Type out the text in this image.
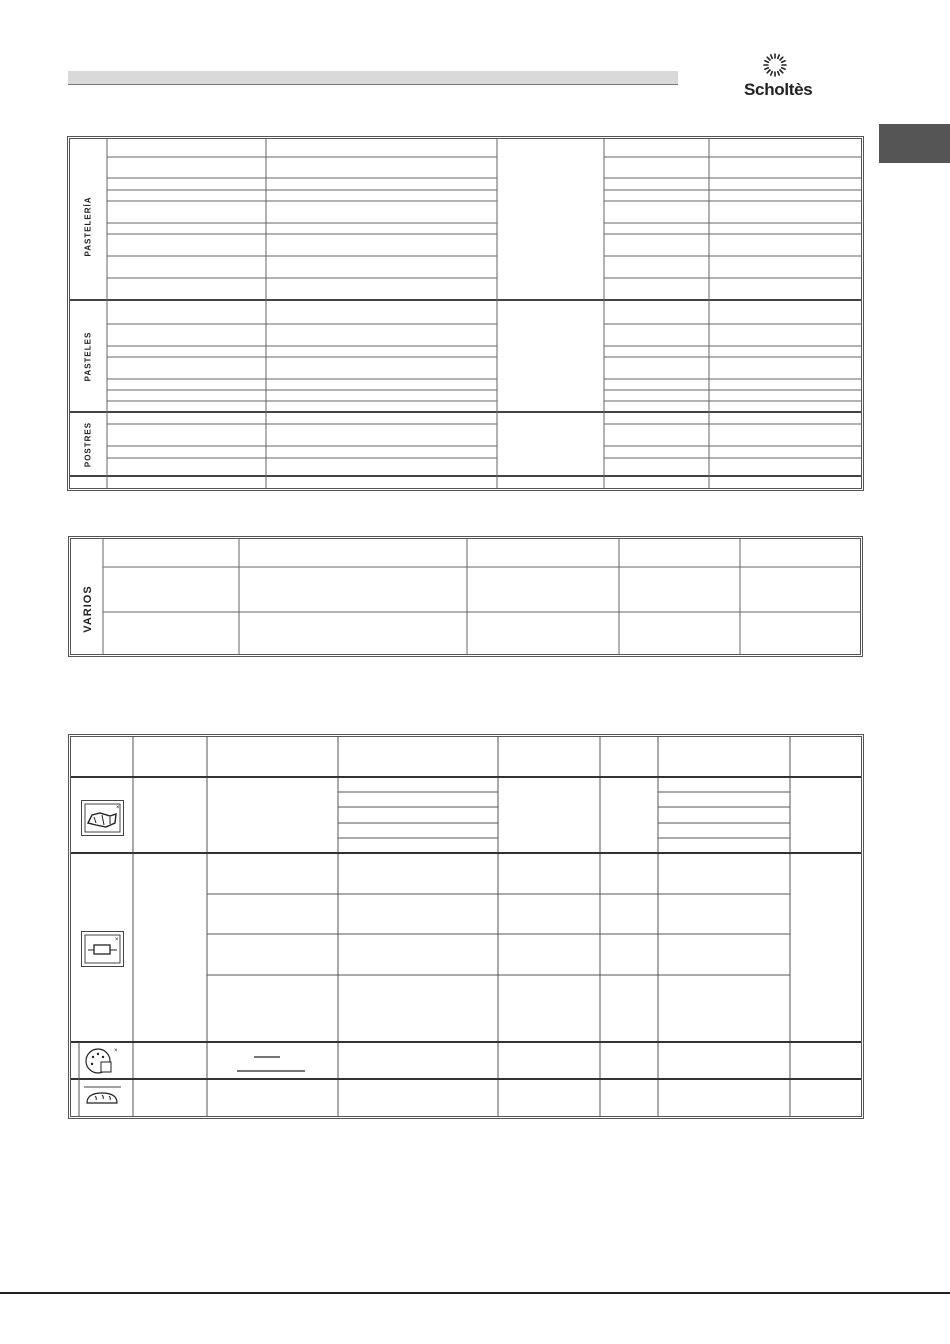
Scholtès
PASTELERÍA
PASTELES
POSTRES
VARIOS
×
×
×
